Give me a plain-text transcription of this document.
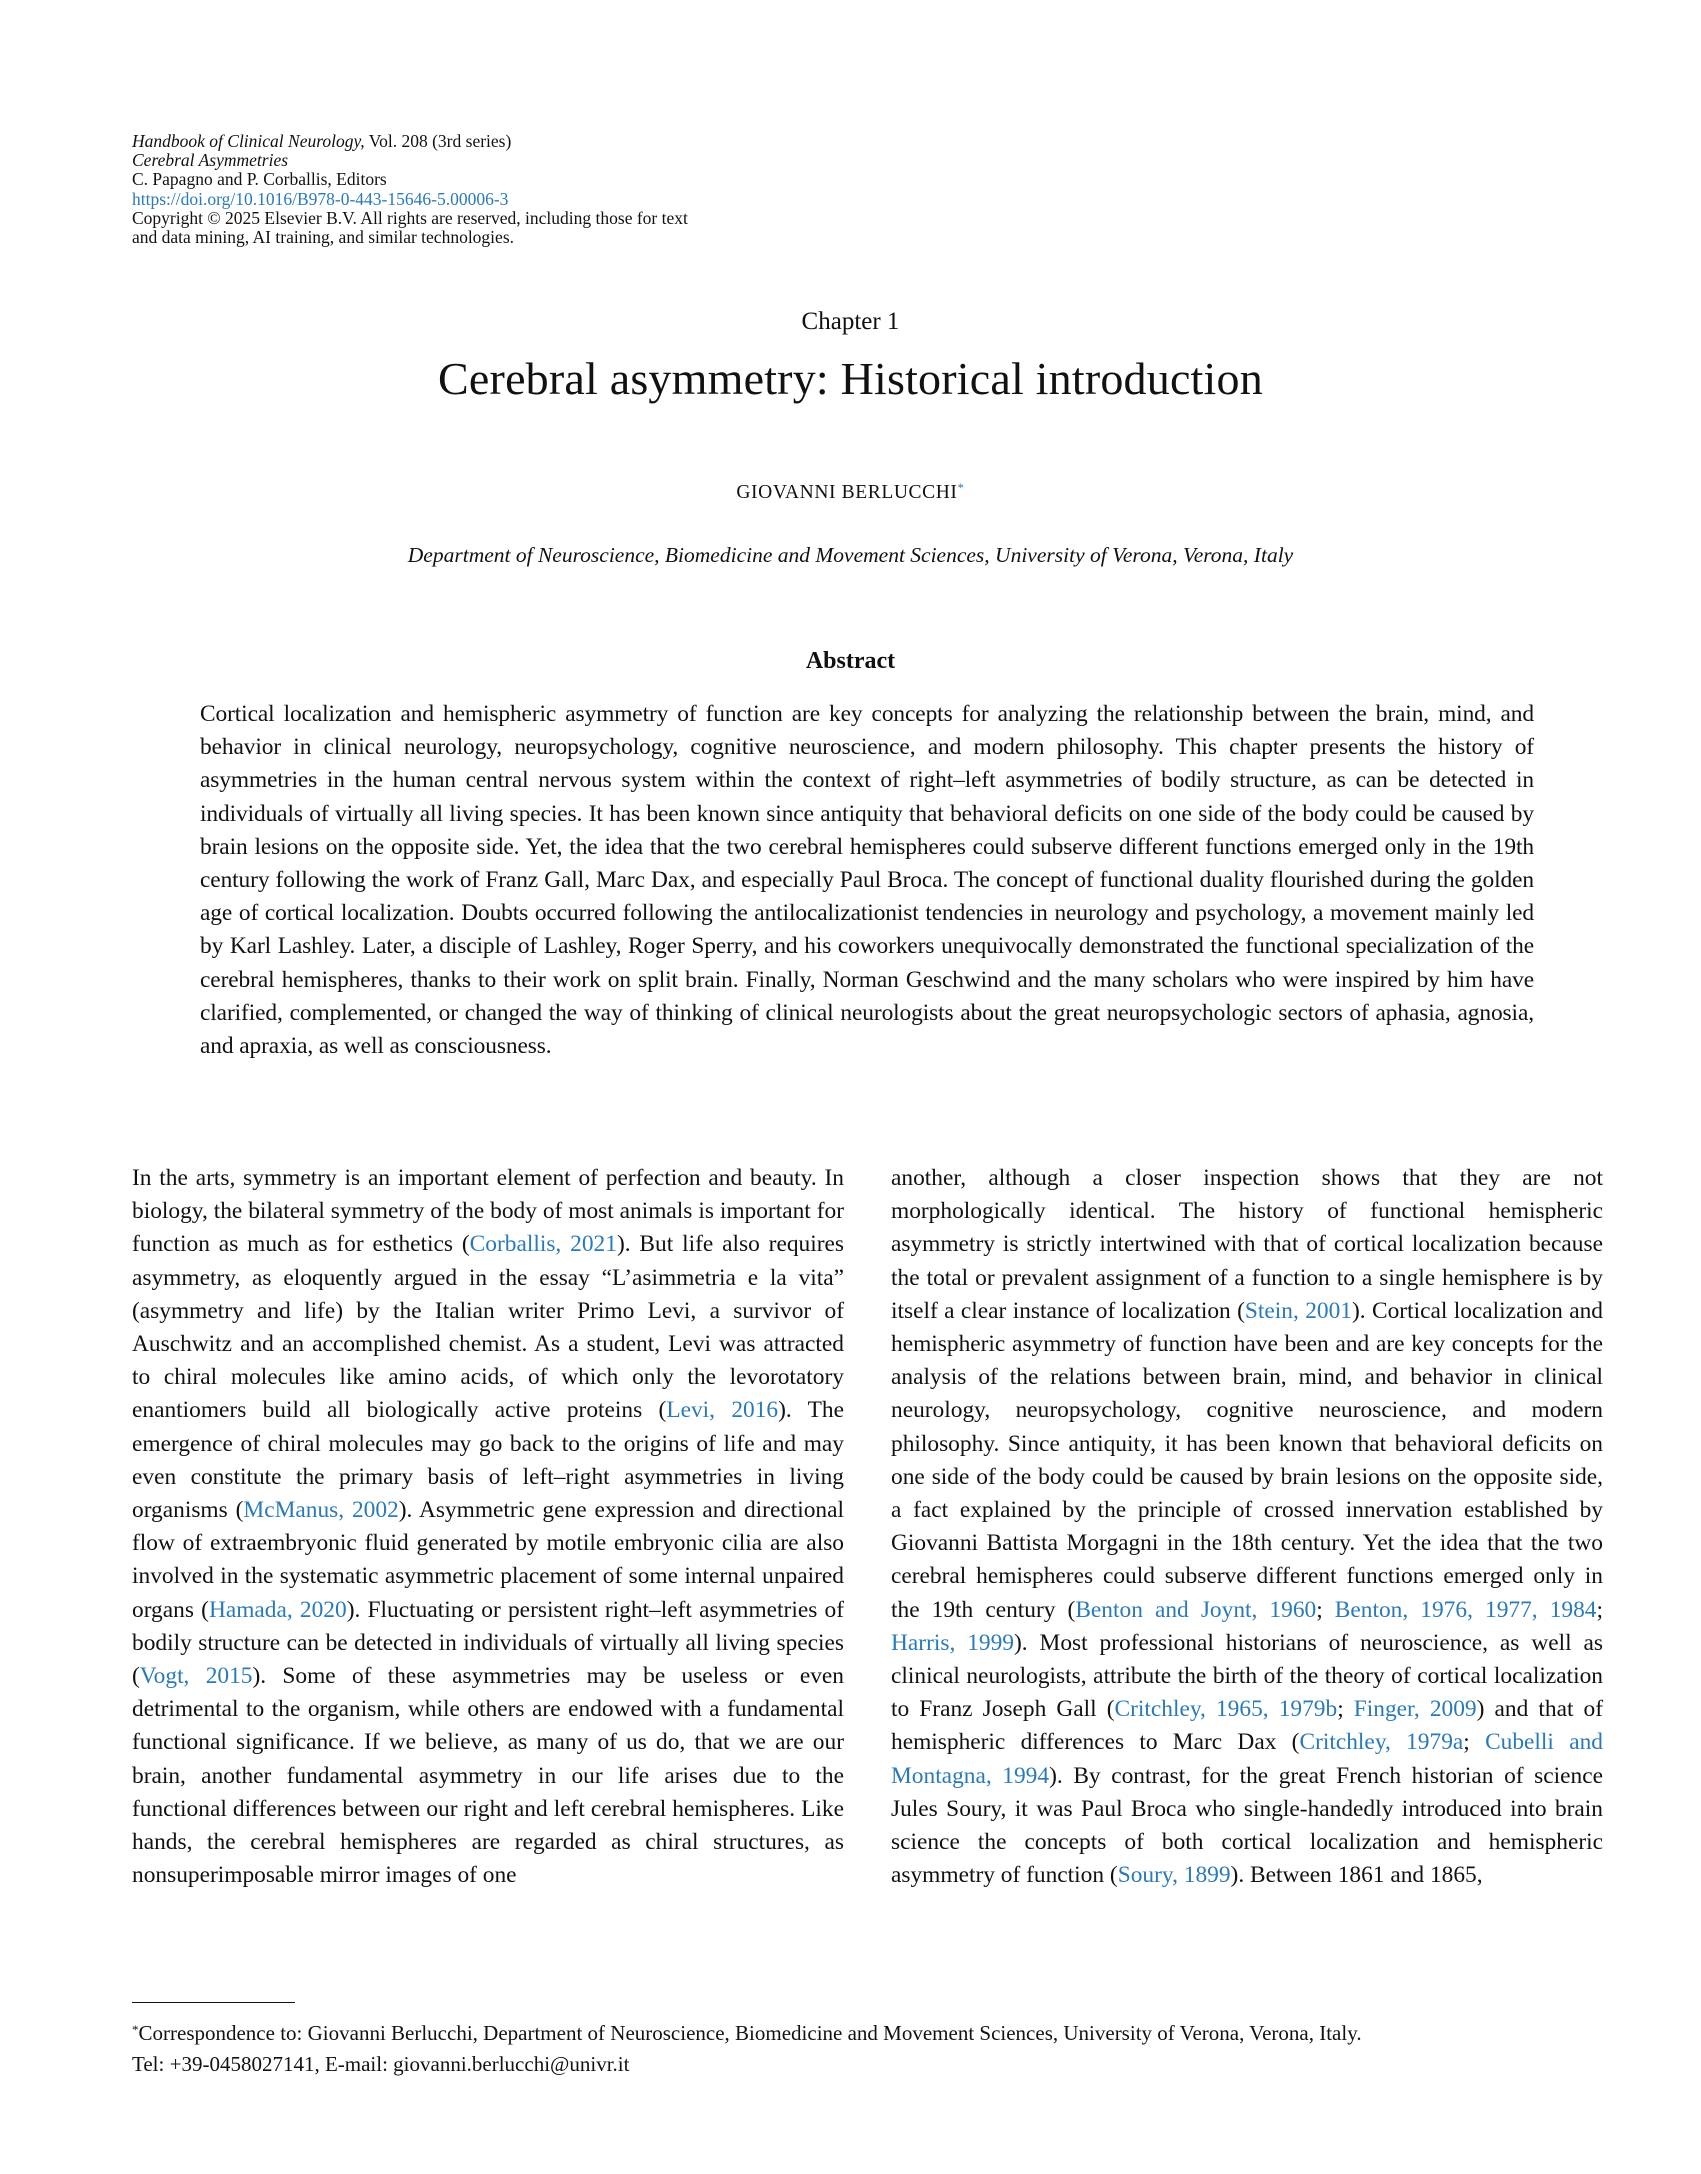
Handbook of Clinical Neurology, Vol. 208 (3rd series)
Cerebral Asymmetries
C. Papagno and P. Corballis, Editors
https://doi.org/10.1016/B978-0-443-15646-5.00006-3
Copyright © 2025 Elsevier B.V. All rights are reserved, including those for text
and data mining, AI training, and similar technologies.
Chapter 1
Cerebral asymmetry: Historical introduction
GIOVANNI BERLUCCHI*
Department of Neuroscience, Biomedicine and Movement Sciences, University of Verona, Verona, Italy
Abstract
Cortical localization and hemispheric asymmetry of function are key concepts for analyzing the relationship between the brain, mind, and behavior in clinical neurology, neuropsychology, cognitive neuroscience, and modern philosophy. This chapter presents the history of asymmetries in the human central nervous system within the context of right–left asymmetries of bodily structure, as can be detected in individuals of virtually all living species. It has been known since antiquity that behavioral deficits on one side of the body could be caused by brain lesions on the opposite side. Yet, the idea that the two cerebral hemispheres could subserve different functions emerged only in the 19th century following the work of Franz Gall, Marc Dax, and especially Paul Broca. The concept of functional duality flourished during the golden age of cortical localization. Doubts occurred following the antilocalizationist tendencies in neurology and psychology, a movement mainly led by Karl Lashley. Later, a disciple of Lashley, Roger Sperry, and his coworkers unequivocally demonstrated the functional specialization of the cerebral hemispheres, thanks to their work on split brain. Finally, Norman Geschwind and the many scholars who were inspired by him have clarified, complemented, or changed the way of thinking of clinical neurologists about the great neuropsychologic sectors of aphasia, agnosia, and apraxia, as well as consciousness.
In the arts, symmetry is an important element of perfection and beauty. In biology, the bilateral symmetry of the body of most animals is important for function as much as for esthetics (Corballis, 2021). But life also requires asymmetry, as eloquently argued in the essay “L’asimmetria e la vita” (asymmetry and life) by the Italian writer Primo Levi, a survivor of Auschwitz and an accomplished chemist. As a student, Levi was attracted to chiral molecules like amino acids, of which only the levorotatory enantiomers build all biologically active proteins (Levi, 2016). The emergence of chiral molecules may go back to the origins of life and may even constitute the primary basis of left–right asymmetries in living organisms (McManus, 2002). Asymmetric gene expression and directional flow of extraembryonic fluid generated by motile embryonic cilia are also involved in the systematic asymmetric placement of some internal unpaired organs (Hamada, 2020). Fluctuating or persistent right–left asymmetries of bodily structure can be detected in individuals of virtually all living species (Vogt, 2015). Some of these asymmetries may be useless or even detrimental to the organism, while others are endowed with a fundamental functional significance. If we believe, as many of us do, that we are our brain, another fundamental asymmetry in our life arises due to the functional differences between our right and left cerebral hemispheres. Like hands, the cerebral hemispheres are regarded as chiral structures, as nonsuperimposable mirror images of one
another, although a closer inspection shows that they are not morphologically identical. The history of functional hemispheric asymmetry is strictly intertwined with that of cortical localization because the total or prevalent assignment of a function to a single hemisphere is by itself a clear instance of localization (Stein, 2001). Cortical localization and hemispheric asymmetry of function have been and are key concepts for the analysis of the relations between brain, mind, and behavior in clinical neurology, neuropsychology, cognitive neuroscience, and modern philosophy. Since antiquity, it has been known that behavioral deficits on one side of the body could be caused by brain lesions on the opposite side, a fact explained by the principle of crossed innervation established by Giovanni Battista Morgagni in the 18th century. Yet the idea that the two cerebral hemispheres could subserve different functions emerged only in the 19th century (Benton and Joynt, 1960; Benton, 1976, 1977, 1984; Harris, 1999). Most professional historians of neuroscience, as well as clinical neurologists, attribute the birth of the theory of cortical localization to Franz Joseph Gall (Critchley, 1965, 1979b; Finger, 2009) and that of hemispheric differences to Marc Dax (Critchley, 1979a; Cubelli and Montagna, 1994). By contrast, for the great French historian of science Jules Soury, it was Paul Broca who single-handedly introduced into brain science the concepts of both cortical localization and hemispheric asymmetry of function (Soury, 1899). Between 1861 and 1865,
*Correspondence to: Giovanni Berlucchi, Department of Neuroscience, Biomedicine and Movement Sciences, University of Verona, Verona, Italy.
Tel: +39-0458027141, E-mail: giovanni.berlucchi@univr.it
